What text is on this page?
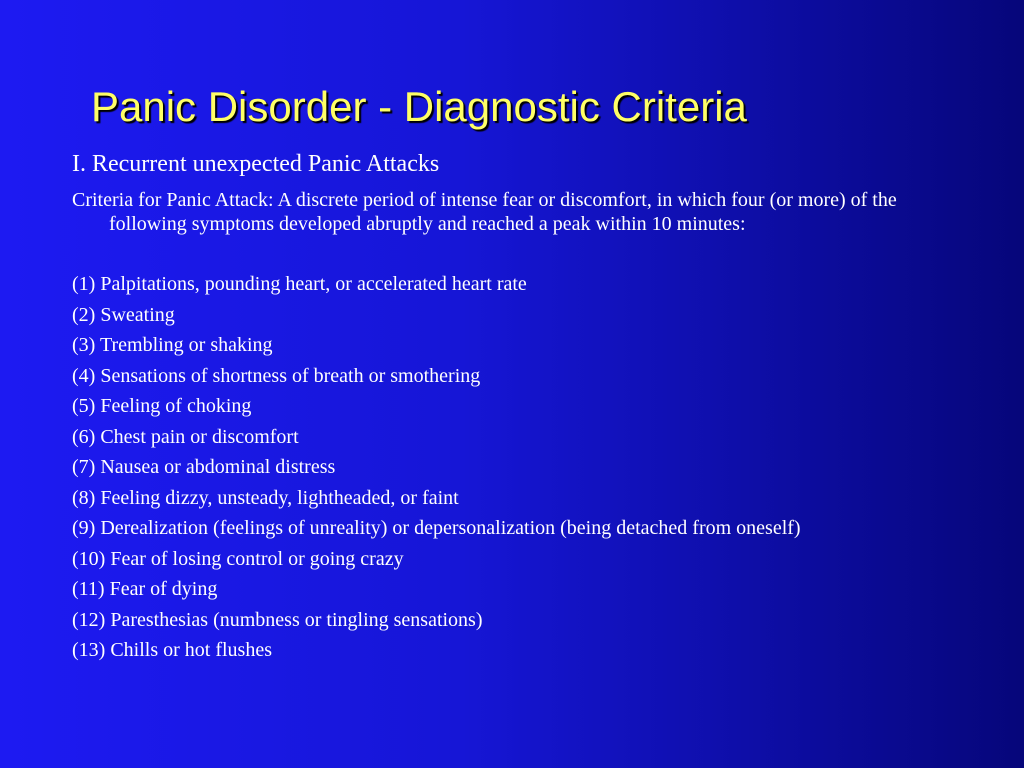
Panic Disorder - Diagnostic Criteria

I. Recurrent unexpected Panic Attacks

Criteria for Panic Attack: A discrete period of intense fear or discomfort, in which four (or more) of the following symptoms developed abruptly and reached a peak within 10 minutes:

(1) Palpitations, pounding heart, or accelerated heart rate
(2) Sweating
(3) Trembling or shaking
(4) Sensations of shortness of breath or smothering
(5) Feeling of choking
(6) Chest pain or discomfort
(7) Nausea or abdominal distress
(8) Feeling dizzy, unsteady, lightheaded, or faint
(9) Derealization (feelings of unreality) or depersonalization (being detached from oneself)
(10) Fear of losing control or going crazy
(11) Fear of dying
(12) Paresthesias (numbness or tingling sensations)
(13) Chills or hot flushes
